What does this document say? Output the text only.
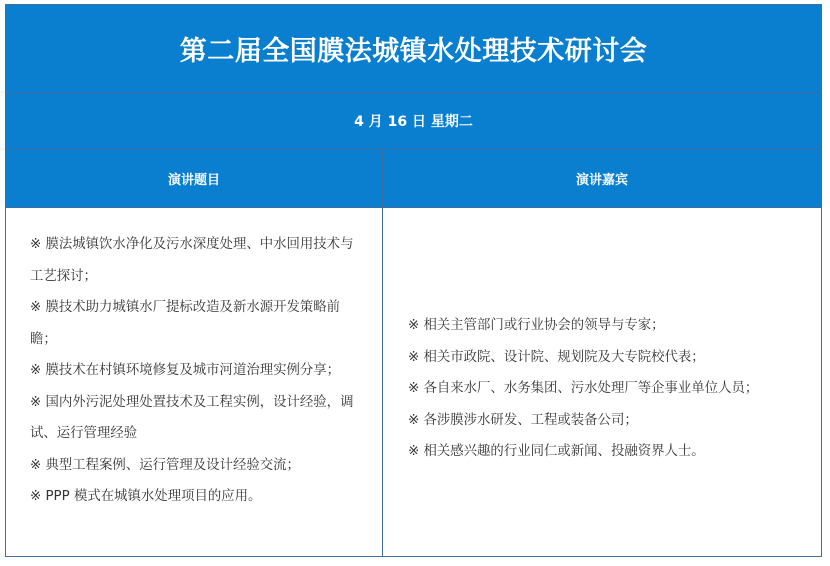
第二届全国膜法城镇水处理技术研讨会
4 月 16 日 星期二
演讲题目	演讲嘉宾

※ 膜法城镇饮水净化及污水深度处理、中水回用技术与工艺探讨；

※ 膜技术助力城镇水厂提标改造及新水源开发策略前瞻；

※ 膜技术在村镇环境修复及城市河道治理实例分享；

※ 国内外污泥处理处置技术及工程实例，设计经验，调试、运行管理经验

※ 典型工程案例、运行管理及设计经验交流；

※ PPP 模式在城镇水处理项目的应用。

※ 相关主管部门或行业协会的领导与专家；

※ 相关市政院、设计院、规划院及大专院校代表；

※ 各自来水厂、水务集团、污水处理厂等企事业单位人员；

※ 各涉膜涉水研发、工程或装备公司；

※ 相关感兴趣的行业同仁或新闻、投融资界人士。
